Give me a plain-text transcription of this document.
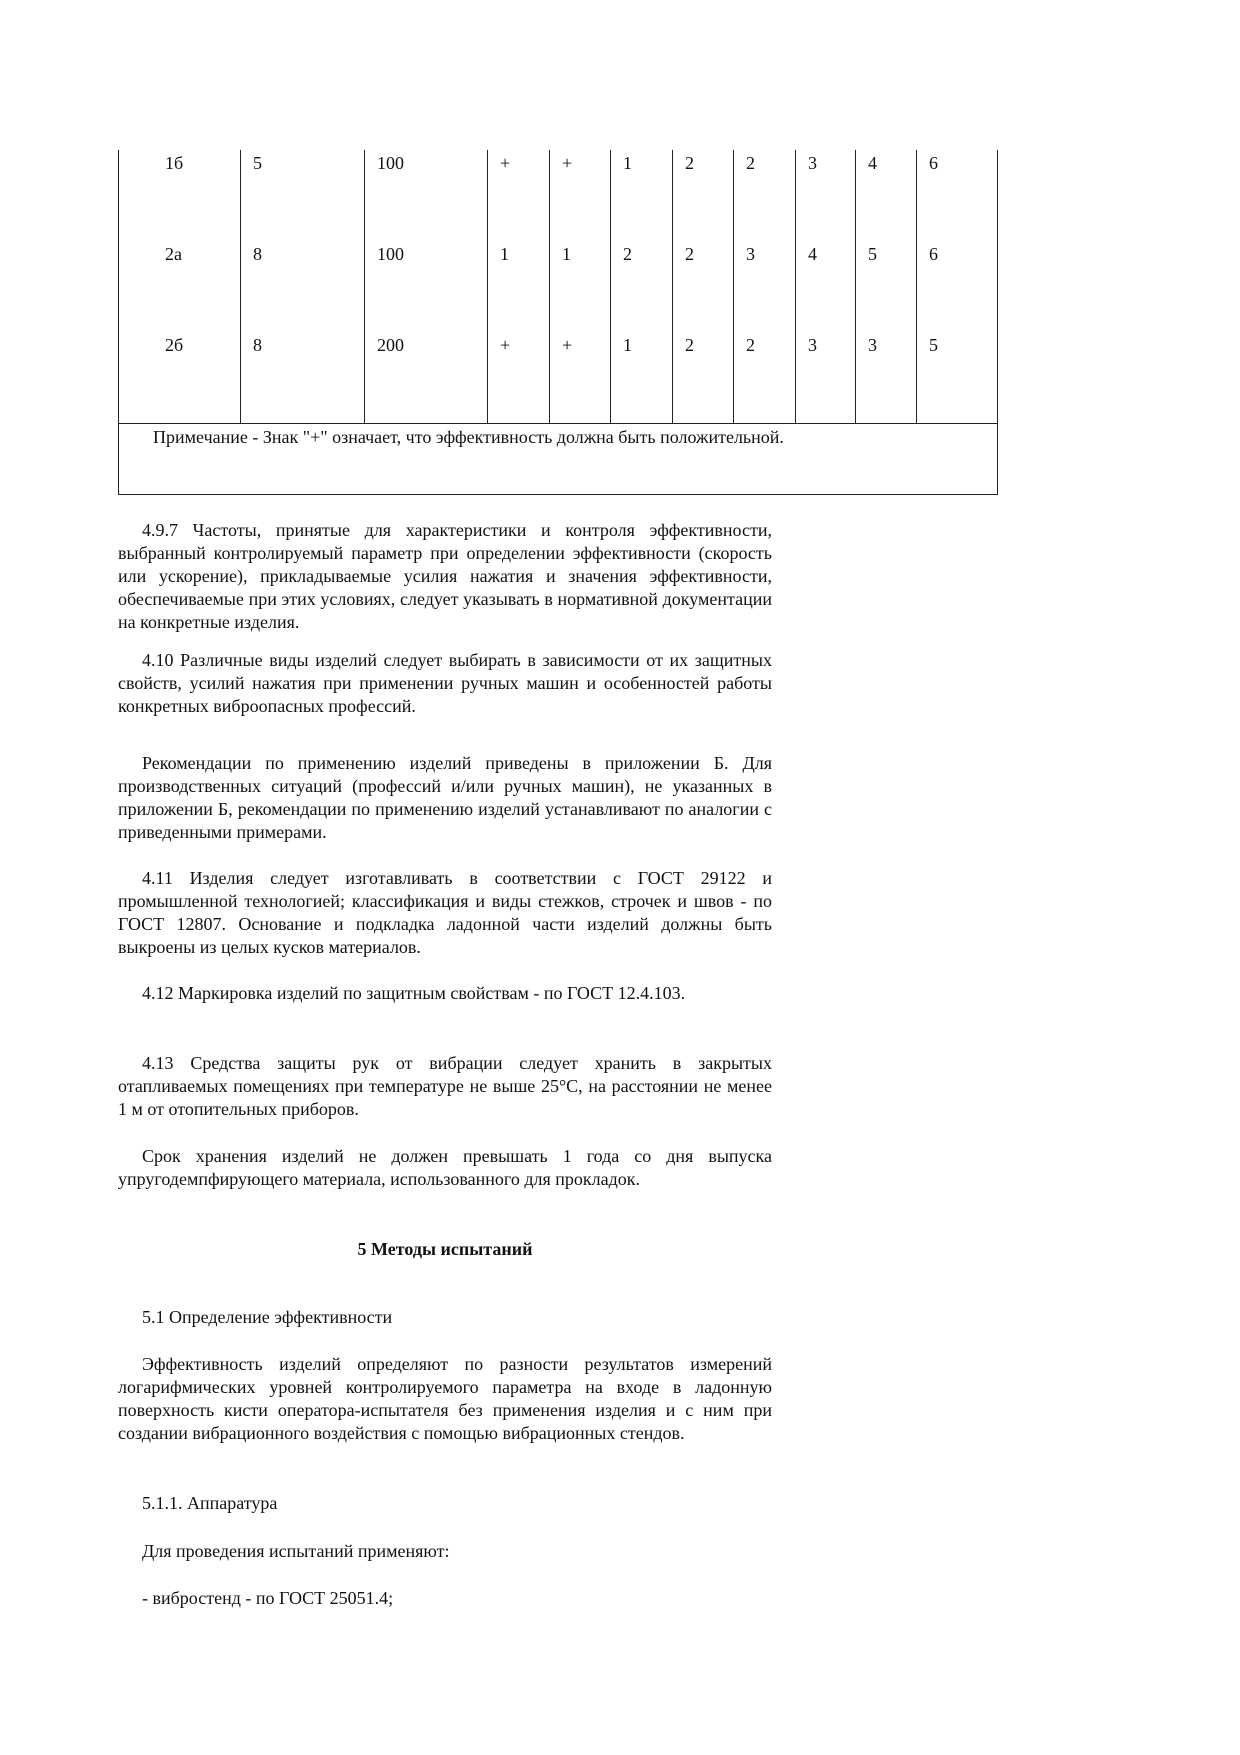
1б	5	100	+	+	1	2	2	3	4	6
2а	8	100	1	1	2	2	3	4	5	6
2б	8	200	+	+	1	2	2	3	3	5
Примечание - Знак "+" означает, что эффективность должна быть положительной.										
4.9.7 Частоты, принятые для характеристики и контроля эффективности, выбранный контролируемый параметр при определении эффективности (скорость или ускорение), прикладываемые усилия нажатия и значения эффективности, обеспечиваемые при этих условиях, следует указывать в нормативной документации на конкретные изделия.
4.10 Различные виды изделий следует выбирать в зависимости от их защитных свойств, усилий нажатия при применении ручных машин и особенностей работы конкретных виброопасных профессий.
Рекомендации по применению изделий приведены в приложении Б. Для производственных ситуаций (профессий и/или ручных машин), не указанных в приложении Б, рекомендации по применению изделий устанавливают по аналогии с приведенными примерами.
4.11 Изделия следует изготавливать в соответствии с ГОСТ 29122 и промышленной технологией; классификация и виды стежков, строчек и швов - по ГОСТ 12807. Основание и подкладка ладонной части изделий должны быть выкроены из целых кусков материалов.
4.12 Маркировка изделий по защитным свойствам - по ГОСТ 12.4.103.
4.13 Средства защиты рук от вибрации следует хранить в закрытых отапливаемых помещениях при температуре не выше 25°С, на расстоянии не менее 1 м от отопительных приборов.
Срок хранения изделий не должен превышать 1 года со дня выпуска упругодемпфирующего материала, использованного для прокладок.
5 Методы испытаний
5.1 Определение эффективности
Эффективность изделий определяют по разности результатов измерений логарифмических уровней контролируемого параметра на входе в ладонную поверхность кисти оператора-испытателя без применения изделия и с ним при создании вибрационного воздействия с помощью вибрационных стендов.
5.1.1. Аппаратура
Для проведения испытаний применяют:
- вибростенд - по ГОСТ 25051.4;
